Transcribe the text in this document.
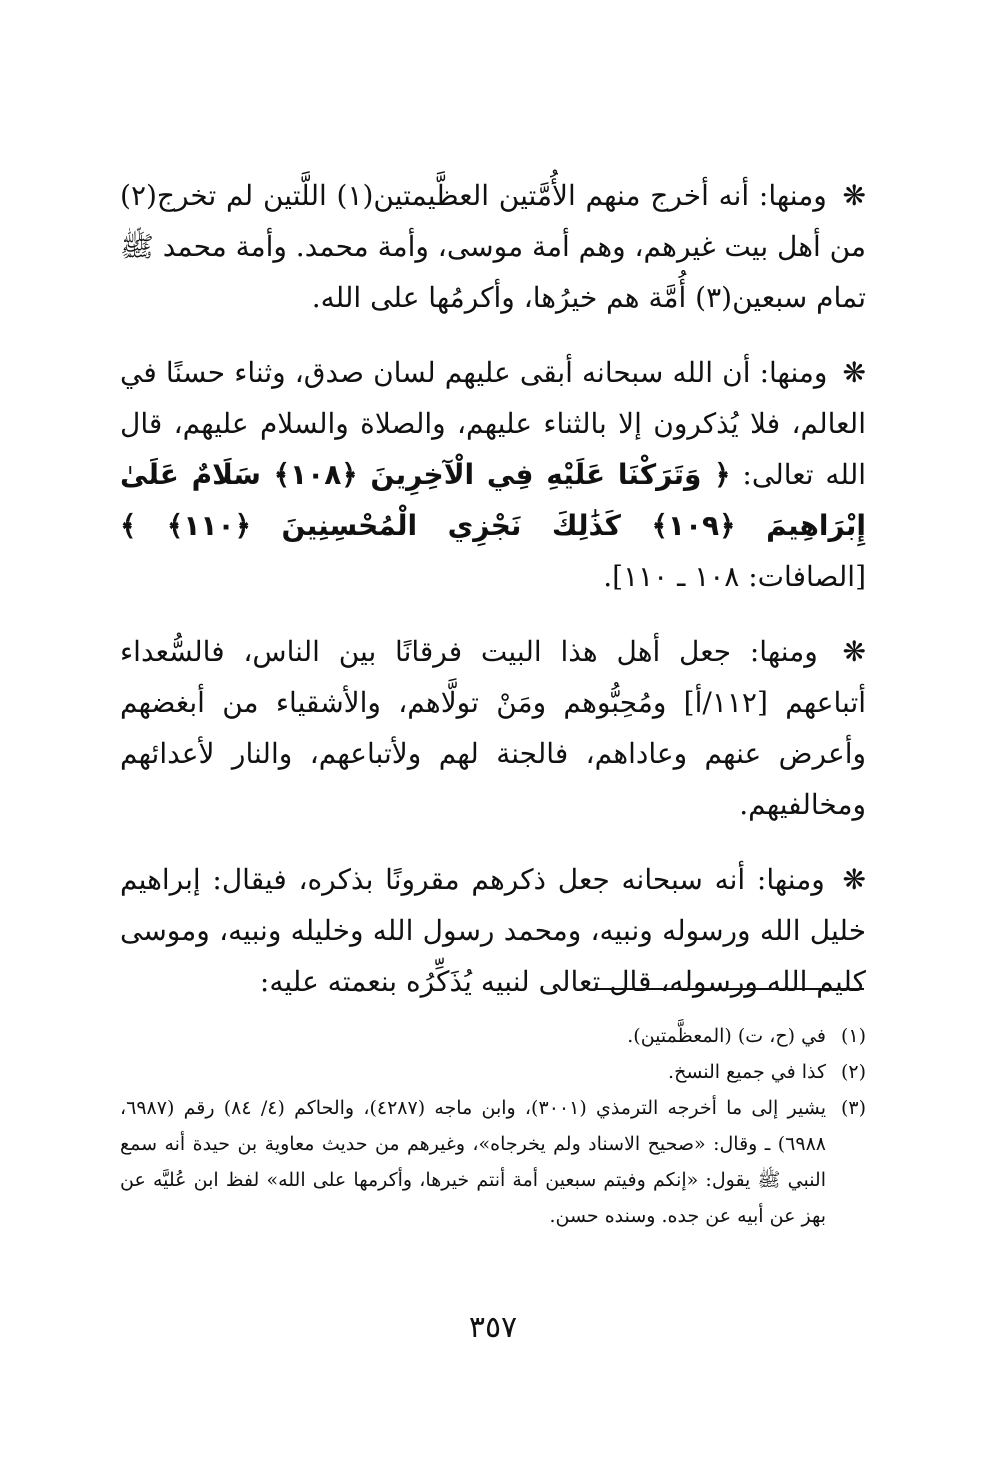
❋ ومنها: أنه أخرج منهم الأُمَّتين العظَّيمتين(١) اللَّتين لم تخرج(٢) من أهل بيت غيرهم، وهم أمة موسى، وأمة محمد. وأمة محمد ﷺ تمام سبعين(٣) أُمَّة هم خيرُها، وأكرمُها على الله.

❋ ومنها: أن الله سبحانه أبقى عليهم لسان صدق، وثناء حسنًا في العالم، فلا يُذكرون إلا بالثناء عليهم، والصلاة والسلام عليهم، قال الله تعالى: ﴿ وَتَرَكْنَا عَلَيْهِ فِي الْآخِرِينَ ﴿١٠٨﴾ سَلَامٌ عَلَىٰ إِبْرَاهِيمَ ﴿١٠٩﴾ كَذَٰلِكَ نَجْزِي الْمُحْسِنِينَ ﴿١١٠﴾ ﴾ [الصافات: ١٠٨ ـ ١١٠].

❋ ومنها: جعل أهل هذا البيت فرقانًا بين الناس، فالسُّعداء أتباعهم [١١٢/أ] ومُحِبُّوهم ومَنْ تولَّاهم، والأشقياء من أبغضهم وأعرض عنهم وعاداهم، فالجنة لهم ولأتباعهم، والنار لأعدائهم ومخالفيهم.

❋ ومنها: أنه سبحانه جعل ذكرهم مقرونًا بذكره، فيقال: إبراهيم خليل الله ورسوله ونبيه، ومحمد رسول الله وخليله ونبيه، وموسى كليم الله ورسوله، قال تعالى لنبيه يُذَكِّرُه بنعمته عليه:

(١)
في (ح، ت) (المعظَّمتين).
(٢)
كذا في جميع النسخ.
(٣)
يشير إلى ما أخرجه الترمذي (٣٠٠١)، وابن ماجه (٤٢٨٧)، والحاكم (٤/ ٨٤) رقم (٦٩٨٧، ٦٩٨٨) ـ وقال: «صحيح الاسناد ولم يخرجاه»، وغيرهم من حديث معاوية بن حيدة أنه سمع النبي ﷺ يقول: «إنكم وفيتم سبعين أمة أنتم خيرها، وأكرمها على الله» لفظ ابن عُليَّه عن بهز عن أبيه عن جده. وسنده حسن.
٣٥٧
